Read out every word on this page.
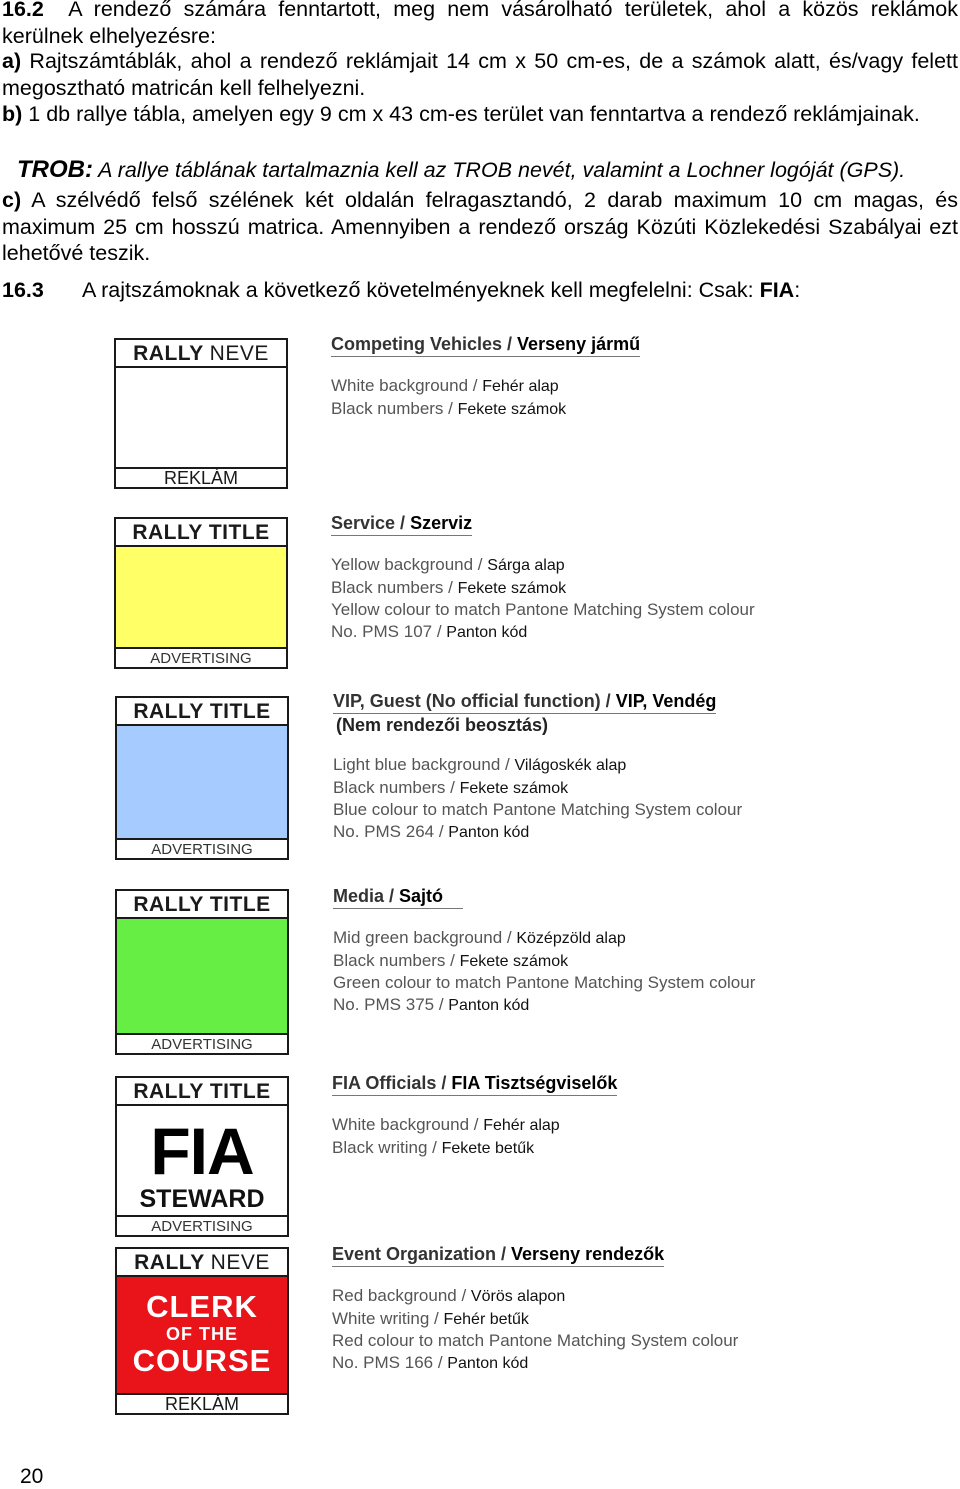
16.2 A rendező számára fenntartott, meg nem vásárolható területek, ahol a közös reklámok kerülnek elhelyezésre:

a) Rajtszámtáblák, ahol a rendező reklámjait 14 cm x 50 cm-es, de a számok alatt, és/vagy felett megosztható matricán kell felhelyezni.

b) 1 db rallye tábla, amelyen egy 9 cm x 43 cm-es terület van fenntartva a rendező reklámjainak.

TROB: A rallye táblának tartalmaznia kell az TROB nevét, valamint a Lochner logóját (GPS).

c) A szélvédő felső szélének két oldalán felragasztandó, 2 darab maximum 10 cm magas, és maximum 25 cm hosszú matrica. Amennyiben a rendező ország Közúti Közlekedési Szabályai ezt lehetővé teszik.

16.3 A rajtszámoknak a következő követelményeknek kell megfelelni: Csak: FIA:

RALLY NEVE
REKLÁM
RALLY TITLE
ADVERTISING
RALLY TITLE
ADVERTISING
RALLY TITLE
ADVERTISING
RALLY TITLE
FIA
STEWARD
ADVERTISING
RALLY NEVE
CLERK
OF THE
COURSE
REKLÁM
Competing Vehicles / Verseny jármű
White background / Fehér alap
Black numbers / Fekete számok
Service / Szerviz
Yellow background / Sárga alap
Black numbers / Fekete számok
Yellow colour to match Pantone Matching System colour
No. PMS 107 / Panton kód
VIP, Guest (No official function) / VIP, Vendég
(Nem rendezői beosztás)
Light blue background / Világoskék alap
Black numbers / Fekete számok
Blue colour to match Pantone Matching System colour
No. PMS 264 / Panton kód
Media / Sajtó
Mid green background / Középzöld alap
Black numbers / Fekete számok
Green colour to match Pantone Matching System colour
No. PMS 375 / Panton kód
FIA Officials / FIA Tisztségviselők
White background / Fehér alap
Black writing / Fekete betűk
Event Organization / Verseny rendezők
Red background / Vörös alapon
White writing / Fehér betűk
Red colour to match Pantone Matching System colour
No. PMS 166 / Panton kód
20
